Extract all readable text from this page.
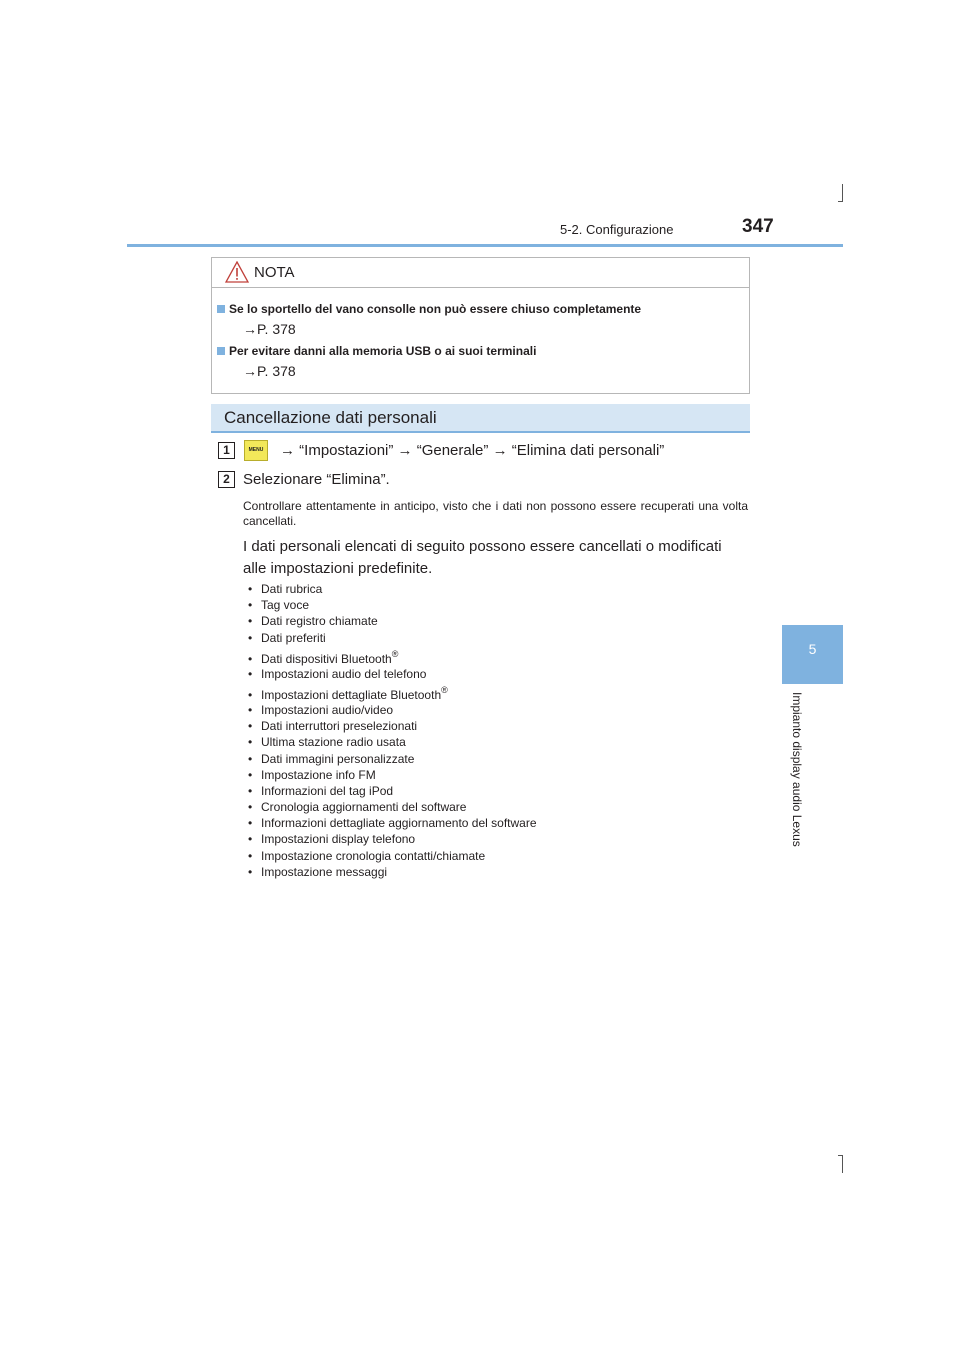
5-2. Configurazione	347
5
Impianto display audio Lexus
NOTA
Se lo sportello del vano consolle non può essere chiuso completamente
→P. 378
Per evitare danni alla memoria USB o ai suoi terminali
→P. 378
Cancellazione dati personali
1	MENU	→ “Impostazioni” → “Generale” → “Elimina dati personali”
2 Selezionare “Elimina”.
Controllare attentamente in anticipo, visto che i dati non possono essere recuperati una volta cancellati.
I dati personali elencati di seguito possono essere cancellati o modificati alle impostazioni predefinite.
• Dati rubrica
• Tag voce
• Dati registro chiamate
• Dati preferiti
• Dati dispositivi Bluetooth®
• Impostazioni audio del telefono
• Impostazioni dettagliate Bluetooth®
• Impostazioni audio/video
• Dati interruttori preselezionati
• Ultima stazione radio usata
• Dati immagini personalizzate
• Impostazione info FM
• Informazioni del tag iPod
• Cronologia aggiornamenti del software
• Informazioni dettagliate aggiornamento del software
• Impostazioni display telefono
• Impostazione cronologia contatti/chiamate
• Impostazione messaggi
